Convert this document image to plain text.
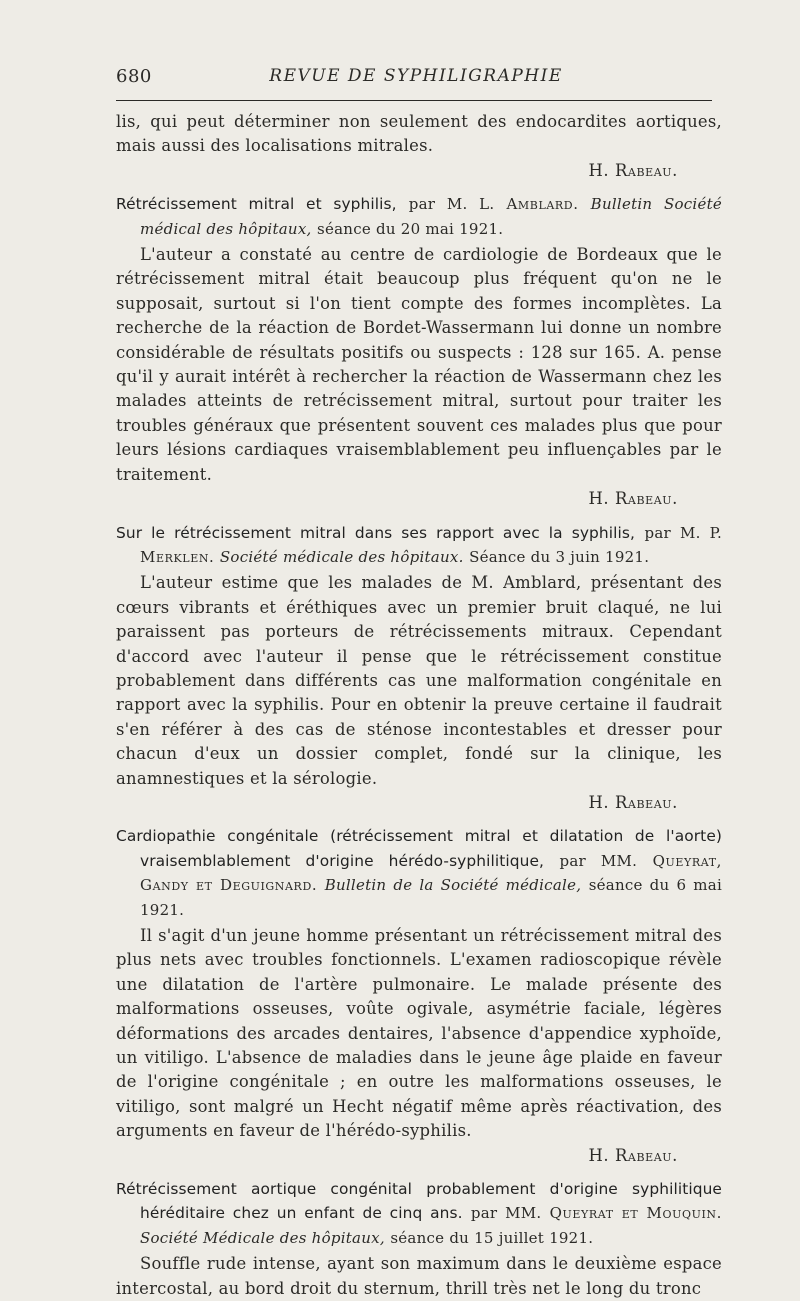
680	REVUE DE SYPHILIGRAPHIE

lis, qui peut déterminer non seulement des endocardites aortiques, mais aussi des localisations mitrales.

H. Rabeau.

Rétrécissement mitral et syphilis, par M. L. Amblard. Bulletin Société médical des hôpitaux, séance du 20 mai 1921.

L'auteur a constaté au centre de cardiologie de Bordeaux que le rétrécissement mitral était beaucoup plus fréquent qu'on ne le supposait, surtout si l'on tient compte des formes incomplètes. La recherche de la réaction de Bordet-Wassermann lui donne un nombre considérable de résultats positifs ou suspects : 128 sur 165. A. pense qu'il y aurait intérêt à rechercher la réaction de Wassermann chez les malades atteints de retrécissement mitral, surtout pour traiter les troubles généraux que présentent souvent ces malades plus que pour leurs lésions cardiaques vraisemblablement peu influençables par le traitement.

H. Rabeau.

Sur le rétrécissement mitral dans ses rapport avec la syphilis, par M. P. Merklen. Société médicale des hôpitaux. Séance du 3 juin 1921.

L'auteur estime que les malades de M. Amblard, présentant des cœurs vibrants et éréthiques avec un premier bruit claqué, ne lui paraissent pas porteurs de rétrécissements mitraux. Cependant d'accord avec l'auteur il pense que le rétrécissement constitue probablement dans différents cas une malformation congénitale en rapport avec la syphilis. Pour en obtenir la preuve certaine il faudrait s'en référer à des cas de sténose incontestables et dresser pour chacun d'eux un dossier complet, fondé sur la clinique, les anamnestiques et la sérologie.

H. Rabeau.

Cardiopathie congénitale (rétrécissement mitral et dilatation de l'aorte) vraisemblablement d'origine hérédo-syphilitique, par MM. Queyrat, Gandy et Deguignard. Bulletin de la Société médicale, séance du 6 mai 1921.

Il s'agit d'un jeune homme présentant un rétrécissement mitral des plus nets avec troubles fonctionnels. L'examen radioscopique révèle une dilatation de l'artère pulmonaire. Le malade présente des malformations osseuses, voûte ogivale, asymétrie faciale, légères déformations des arcades dentaires, l'absence d'appendice xyphoïde, un vitiligo. L'absence de maladies dans le jeune âge plaide en faveur de l'origine congénitale ; en outre les malformations osseuses, le vitiligo, sont malgré un Hecht négatif même après réactivation, des arguments en faveur de l'hérédo-syphilis.

H. Rabeau.

Rétrécissement aortique congénital probablement d'origine syphilitique héréditaire chez un enfant de cinq ans. par MM. Queyrat et Mouquin. Société Médicale des hôpitaux, séance du 15 juillet 1921.

Souffle rude intense, ayant son maximum dans le deuxième espace intercostal, au bord droit du sternum, thrill très net le long du tronc
